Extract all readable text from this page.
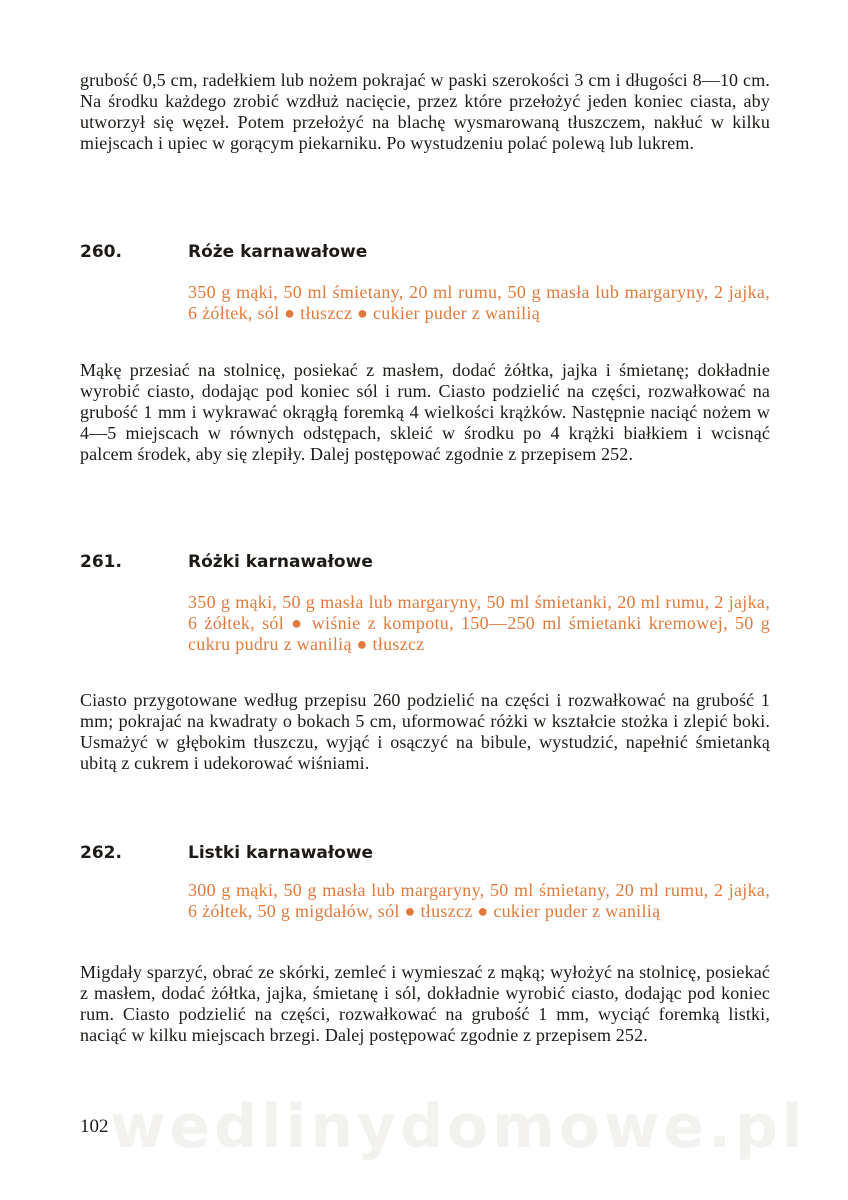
grubość 0,5 cm, radełkiem lub nożem pokrajać w paski szerokości 3 cm i długości 8—10 cm. Na środku każdego zrobić wzdłuż nacięcie, przez które przełożyć jeden koniec ciasta, aby utworzył się węzeł. Potem przełożyć na blachę wysmarowaną tłuszczem, nakłuć w kilku miejscach i upiec w gorącym piekarniku. Po wystudzeniu polać polewą lub lukrem.

260.	Róże karnawałowe

350 g mąki, 50 ml śmietany, 20 ml rumu, 50 g masła lub margaryny, 2 jajka, 6 żółtek, sól ● tłuszcz ● cukier puder z wanilią

Mąkę przesiać na stolnicę, posiekać z masłem, dodać żółtka, jajka i śmietanę; dokładnie wyrobić ciasto, dodając pod koniec sól i rum. Ciasto podzielić na części, rozwałkować na grubość 1 mm i wykrawać okrągłą foremką 4 wielkości krążków. Następnie naciąć nożem w 4—5 miejscach w równych odstępach, skleić w środku po 4 krążki białkiem i wcisnąć palcem środek, aby się zlepiły. Dalej postępować zgodnie z przepisem 252.

261.	Różki karnawałowe

350 g mąki, 50 g masła lub margaryny, 50 ml śmietanki, 20 ml rumu, 2 jajka, 6 żółtek, sól ● wiśnie z kompotu, 150—250 ml śmietanki kremowej, 50 g cukru pudru z wanilią ● tłuszcz

Ciasto przygotowane według przepisu 260 podzielić na części i rozwałkować na grubość 1 mm; pokrajać na kwadraty o bokach 5 cm, uformować różki w kształcie stożka i zlepić boki. Usmażyć w głębokim tłuszczu, wyjąć i osączyć na bibule, wystudzić, napełnić śmietanką ubitą z cukrem i udekorować wiśniami.

262.	Listki karnawałowe

300 g mąki, 50 g masła lub margaryny, 50 ml śmietany, 20 ml rumu, 2 jajka, 6 żółtek, 50 g migdałów, sól ● tłuszcz ● cukier puder z wanilią

Migdały sparzyć, obrać ze skórki, zemleć i wymieszać z mąką; wyłożyć na stolnicę, posiekać z masłem, dodać żółtka, jajka, śmietanę i sól, dokładnie wyrobić ciasto, dodając pod koniec rum. Ciasto podzielić na części, rozwałkować na grubość 1 mm, wyciąć foremką listki, naciąć w kilku miejscach brzegi. Dalej postępować zgodnie z przepisem 252.

wedlinydomowe.pl
102
